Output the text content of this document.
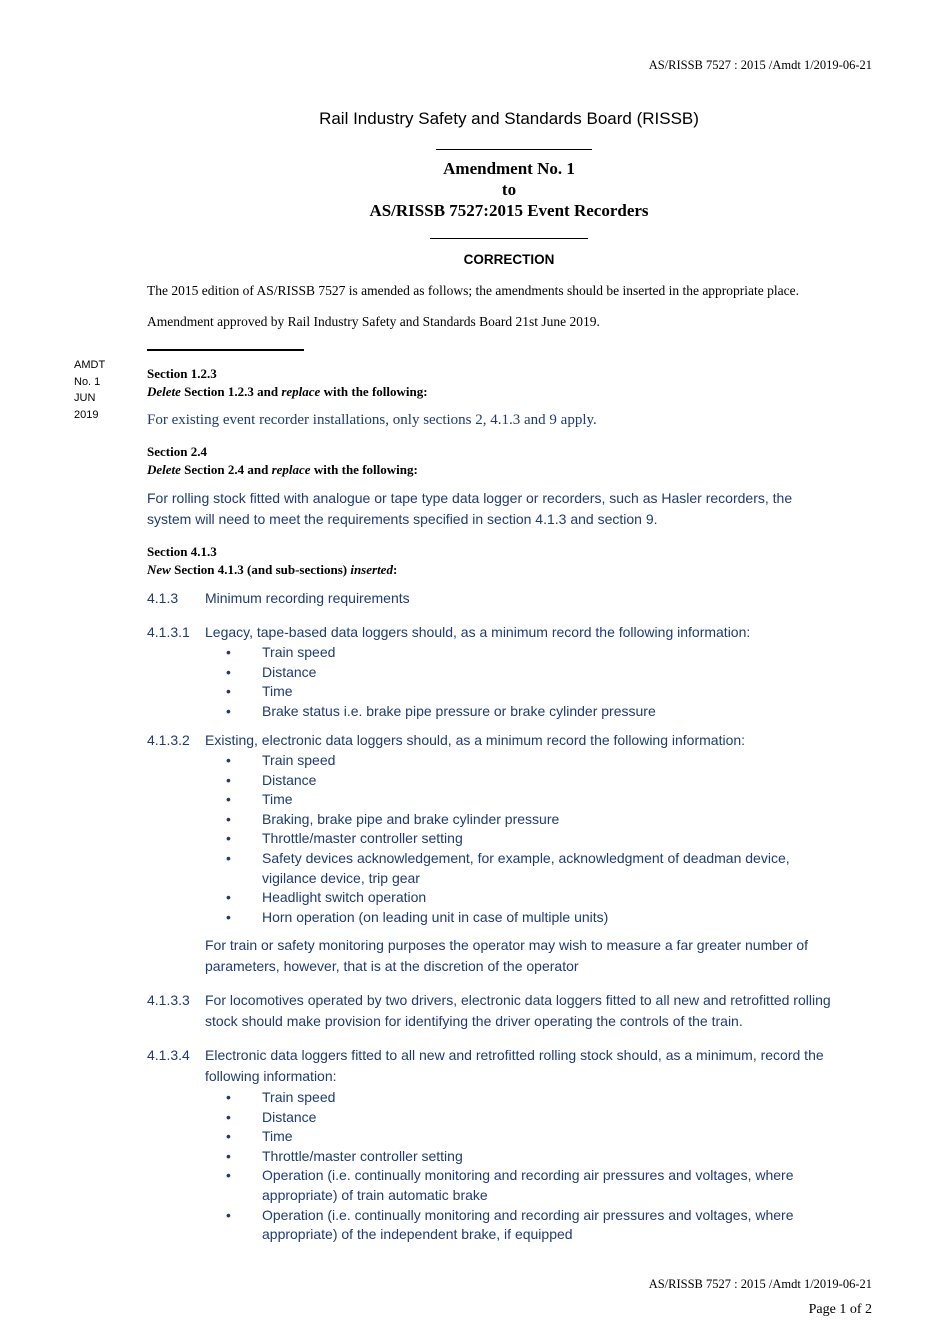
AS/RISSB 7527 : 2015 /Amdt 1/2019-06-21
Rail Industry Safety and Standards Board (RISSB)
Amendment No. 1
to
AS/RISSB 7527:2015 Event Recorders
CORRECTION
The 2015 edition of AS/RISSB 7527 is amended as follows; the amendments should be inserted in the appropriate place.
Amendment approved by Rail Industry Safety and Standards Board 21st June 2019.
AMDT
No. 1
JUN
2019
Section 1.2.3
Delete Section 1.2.3 and replace with the following:
For existing event recorder installations, only sections 2, 4.1.3 and 9 apply.
Section 2.4
Delete Section 2.4 and replace with the following:
For rolling stock fitted with analogue or tape type data logger or recorders, such as Hasler recorders, the
system will need to meet the requirements specified in section 4.1.3 and section 9.
Section 4.1.3
New Section 4.1.3 (and sub-sections) inserted:
4.1.3 Minimum recording requirements
4.1.3.1 Legacy, tape-based data loggers should, as a minimum record the following information:
• Train speed
• Distance
• Time
• Brake status i.e. brake pipe pressure or brake cylinder pressure
4.1.3.2 Existing, electronic data loggers should, as a minimum record the following information:
• Train speed
• Distance
• Time
• Braking, brake pipe and brake cylinder pressure
• Throttle/master controller setting
• Safety devices acknowledgement, for example, acknowledgment of deadman device, vigilance device, trip gear
• Headlight switch operation
• Horn operation (on leading unit in case of multiple units)
For train or safety monitoring purposes the operator may wish to measure a far greater number of parameters, however, that is at the discretion of the operator
4.1.3.3 For locomotives operated by two drivers, electronic data loggers fitted to all new and retrofitted rolling stock should make provision for identifying the driver operating the controls of the train.
4.1.3.4 Electronic data loggers fitted to all new and retrofitted rolling stock should, as a minimum, record the following information:
• Train speed
• Distance
• Time
• Throttle/master controller setting
• Operation (i.e. continually monitoring and recording air pressures and voltages, where appropriate) of train automatic brake
• Operation (i.e. continually monitoring and recording air pressures and voltages, where appropriate) of the independent brake, if equipped
AS/RISSB 7527 : 2015 /Amdt 1/2019-06-21
Page 1 of 2
